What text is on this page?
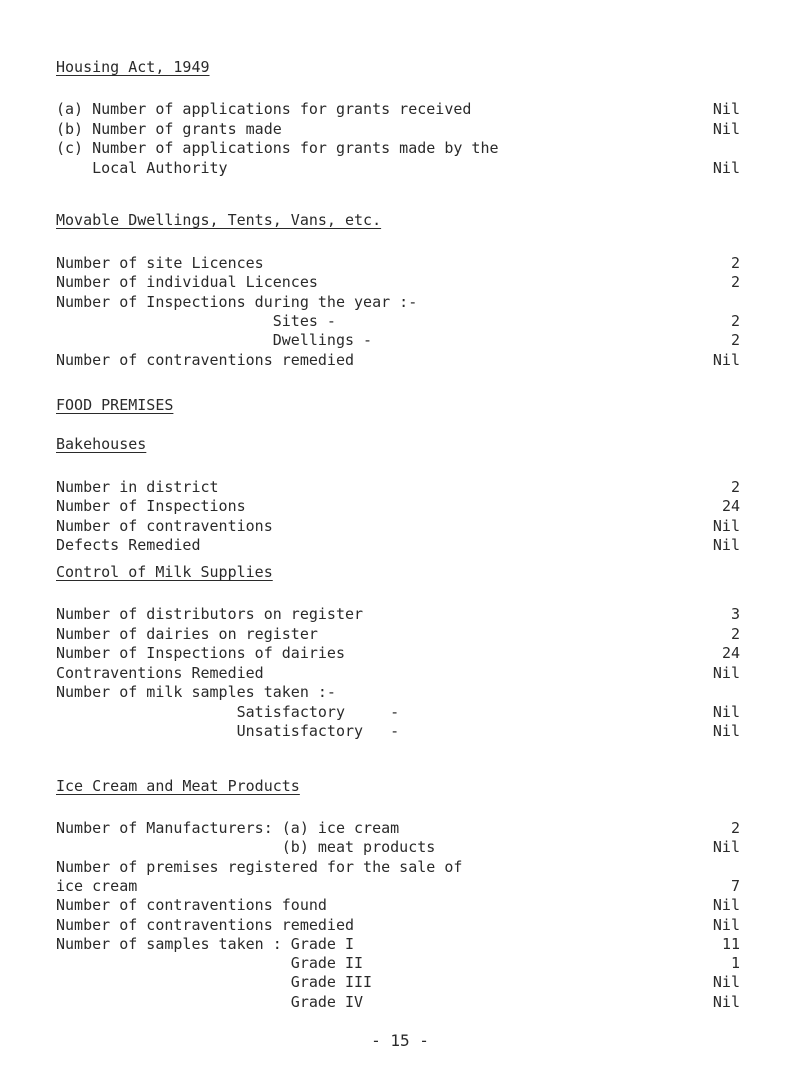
Housing Act, 1949
(a) Number of applications for grants received	Nil
(b) Number of grants made	Nil
(c) Number of applications for grants made by the
Local Authority	Nil
Movable Dwellings, Tents, Vans, etc.
Number of site Licences	2
Number of individual Licences	2
Number of Inspections during the year :-
Sites -	2
Dwellings -	2
Number of contraventions remedied	Nil
FOOD PREMISES
Bakehouses
Number in district	2
Number of Inspections	24
Number of contraventions	Nil
Defects Remedied	Nil
Control of Milk Supplies
Number of distributors on register	3
Number of dairies on register	2
Number of Inspections of dairies	24
Contraventions Remedied	Nil
Number of milk samples taken :-
Satisfactory     -	Nil
Unsatisfactory   -	Nil
Ice Cream and Meat Products
Number of Manufacturers: (a) ice cream	2
(b) meat products	Nil
Number of premises registered for the sale of
ice cream	7
Number of contraventions found	Nil
Number of contraventions remedied	Nil
Number of samples taken : Grade I	11
Grade II	1
Grade III	Nil
Grade IV	Nil
- 15 -
